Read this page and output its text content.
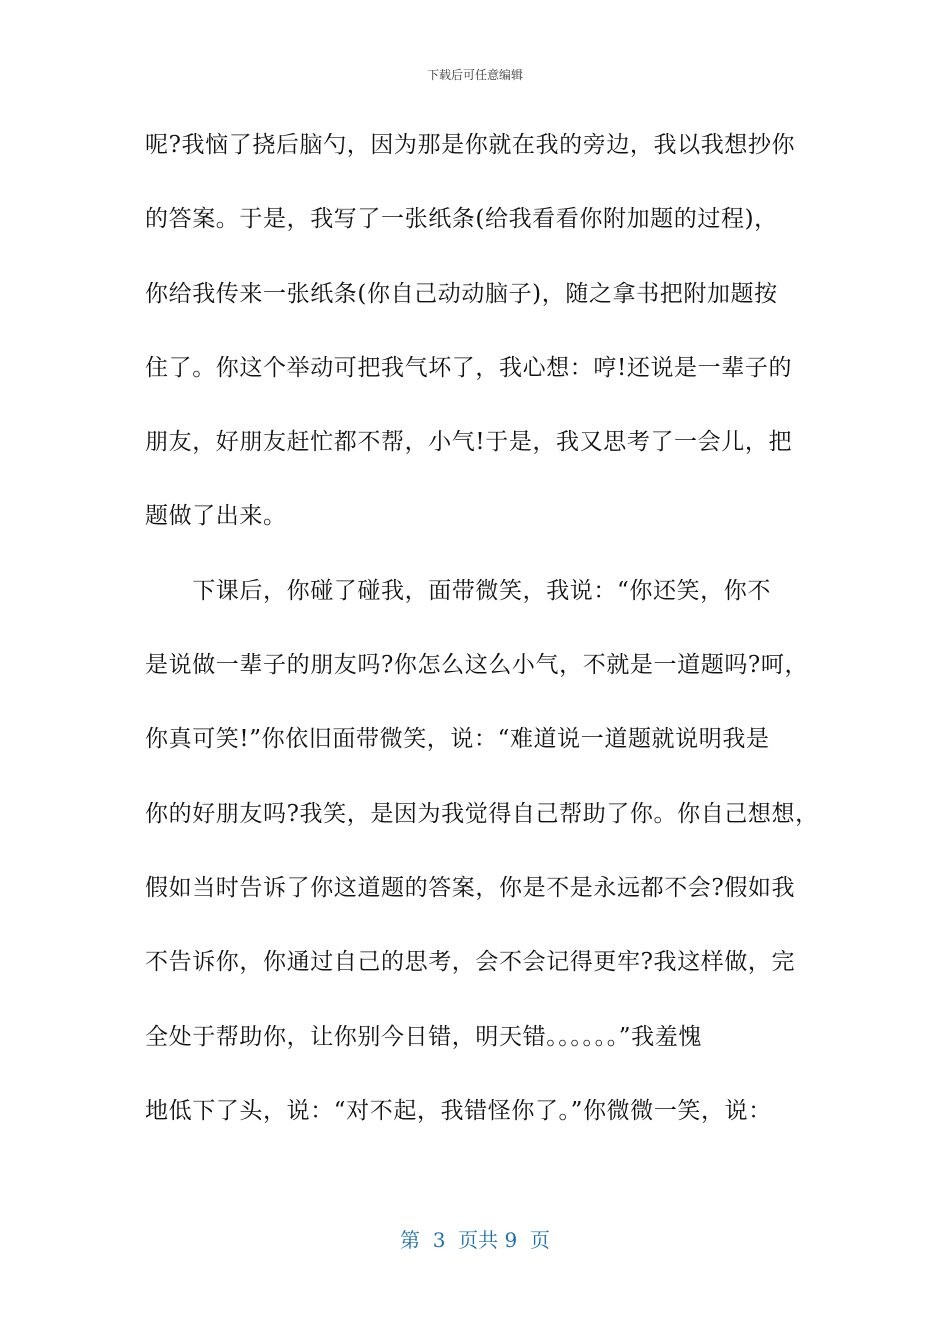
下载后可任意编辑
呢?我恼了挠后脑勺，因为那是你就在我的旁边，我以我想抄你
的答案。于是，我写了一张纸条(给我看看你附加题的过程)，
你给我传来一张纸条(你自己动动脑子)，随之拿书把附加题按
住了。你这个举动可把我气坏了，我心想：哼!还说是一辈子的
朋友，好朋友赶忙都不帮，小气!于是，我又思考了一会儿，把
题做了出来。
　　下课后，你碰了碰我，面带微笑，我说：“你还笑，你不
是说做一辈子的朋友吗?你怎么这么小气，不就是一道题吗?呵，
你真可笑!”你依旧面带微笑，说：“难道说一道题就说明我是
你的好朋友吗?我笑，是因为我觉得自己帮助了你。你自己想想，
假如当时告诉了你这道题的答案，你是不是永远都不会?假如我
不告诉你，你通过自己的思考，会不会记得更牢?我这样做，完
全处于帮助你，让你别今日错，明天错。。。。。。”我羞愧
地低下了头，说：“对不起，我错怪你了。”你微微一笑，说：
第  3  页共 9  页
